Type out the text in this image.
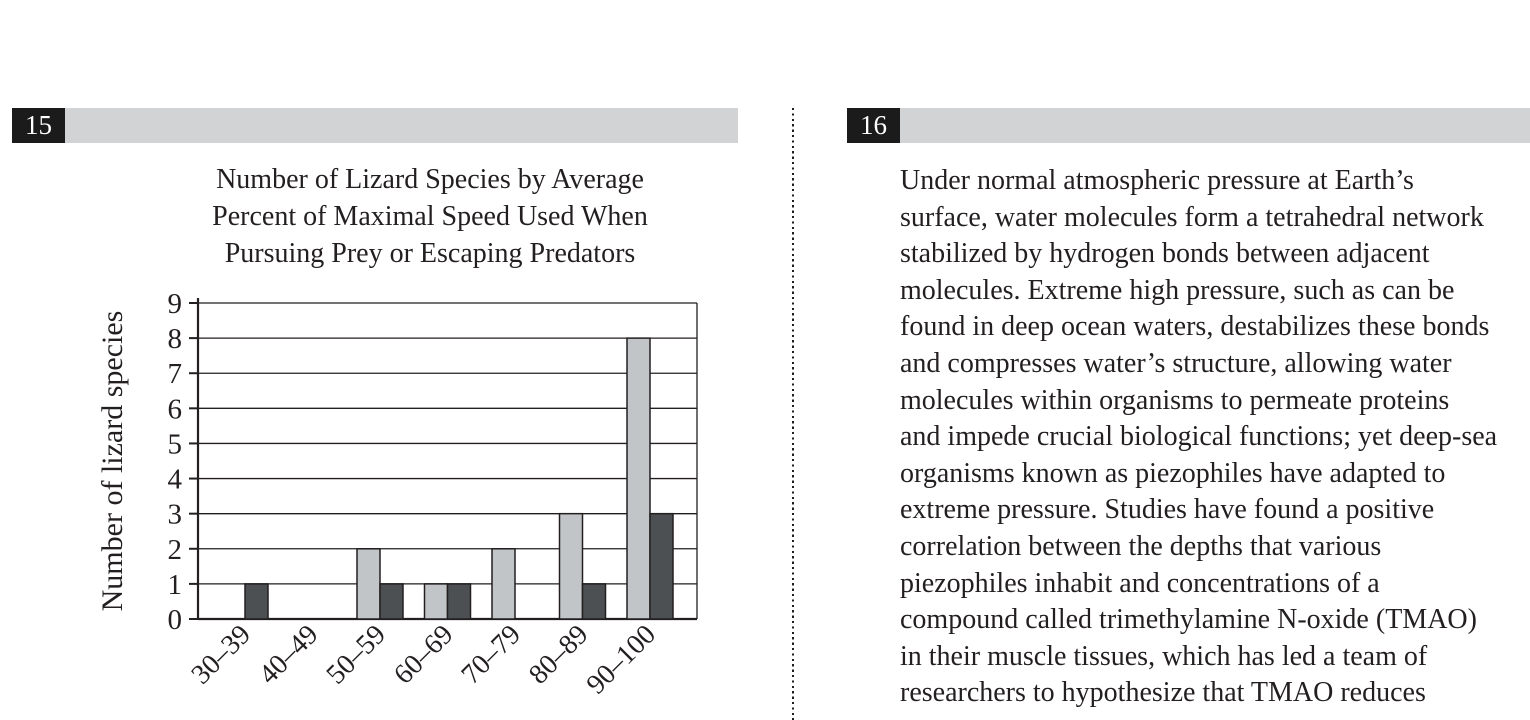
15	16
Number of Lizard Species by Average
Percent of Maximal Speed Used When
Pursuing Prey or Escaping Predators
0
1
2
3
4
5
6
7
8
9
30–39
40–49
50–59
60–69
70–79
80–89
90–100
Number of lizard species
Under normal atmospheric pressure at Earth’s
surface, water molecules form a tetrahedral network
stabilized by hydrogen bonds between adjacent
molecules. Extreme high pressure, such as can be
found in deep ocean waters, destabilizes these bonds
and compresses water’s structure, allowing water
molecules within organisms to permeate proteins
and impede crucial biological functions; yet deep-sea
organisms known as piezophiles have adapted to
extreme pressure. Studies have found a positive
correlation between the depths that various
piezophiles inhabit and concentrations of a
compound called trimethylamine N-oxide (TMAO)
in their muscle tissues, which has led a team of
researchers to hypothesize that TMAO reduces
